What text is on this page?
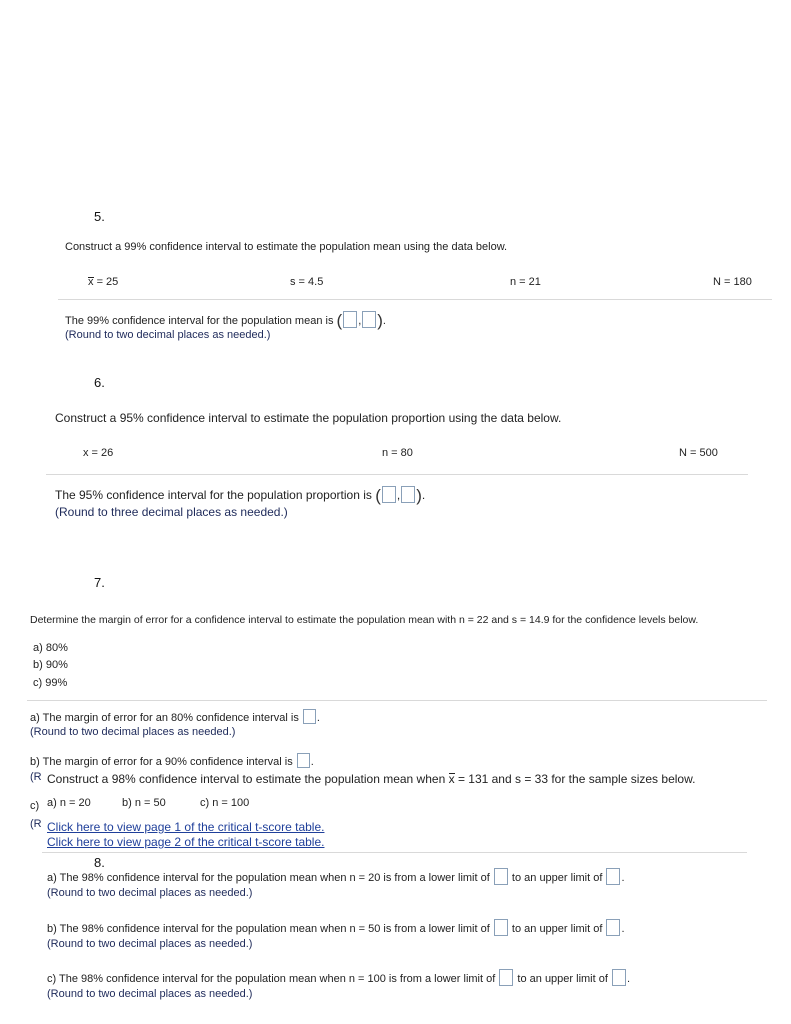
5.
Construct a 99% confidence interval to estimate the population mean using the data below.
x = 25	s = 4.5	n = 21	N = 180
The 99% confidence interval for the population mean is ( , ).
(Round to two decimal places as needed.)
6.
Construct a 95% confidence interval to estimate the population proportion using the data below.
x = 26	n = 80	N = 500
The 95% confidence interval for the population proportion is ( , ).
(Round to three decimal places as needed.)
7.
Determine the margin of error for a confidence interval to estimate the population mean with n = 22 and s = 14.9 for the confidence levels below.
a) 80%
b) 90%
c) 99%
a) The margin of error for an 80% confidence interval is .
(Round to two decimal places as needed.)
b) The margin of error for a 90% confidence interval is .
(R
c)
(R
Construct a 98% confidence interval to estimate the population mean when x = 131 and s = 33 for the sample sizes below.
a) n = 20	b) n = 50	c) n = 100
Click here to view page 1 of the critical t-score table.
Click here to view page 2 of the critical t-score table.
8.
a) The 98% confidence interval for the population mean when n = 20 is from a lower limit of to an upper limit of .
(Round to two decimal places as needed.)
b) The 98% confidence interval for the population mean when n = 50 is from a lower limit of to an upper limit of .
(Round to two decimal places as needed.)
c) The 98% confidence interval for the population mean when n = 100 is from a lower limit of to an upper limit of .
(Round to two decimal places as needed.)
